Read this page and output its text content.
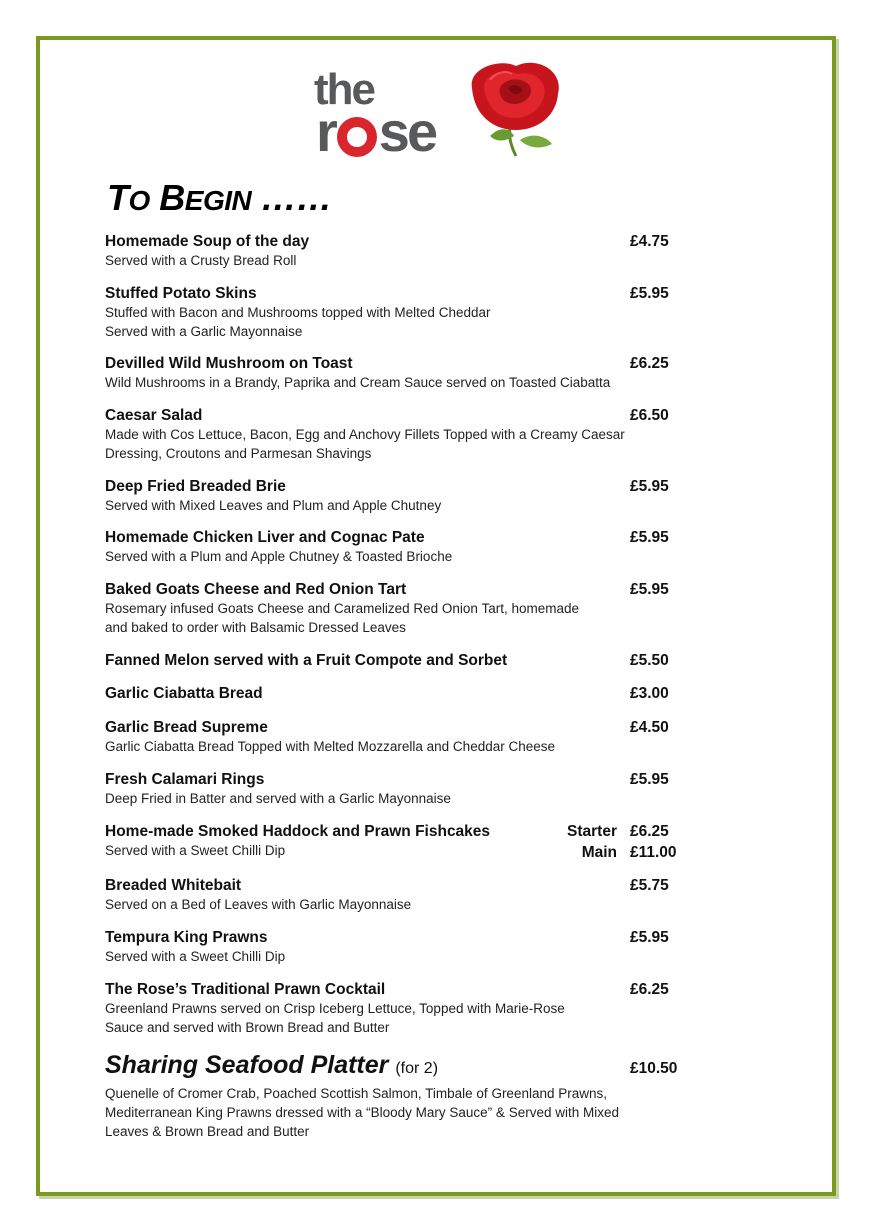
the
r se
TO BEGIN ……
Homemade Soup of the day
Served with a Crusty Bread Roll
£4.75
Stuffed Potato Skins
Stuffed with Bacon and Mushrooms topped with Melted Cheddar
Served with a Garlic Mayonnaise
£5.95
Devilled Wild Mushroom on Toast
Wild Mushrooms in a Brandy, Paprika and Cream Sauce served on Toasted Ciabatta
£6.25
Caesar Salad
Made with Cos Lettuce, Bacon, Egg and Anchovy Fillets Topped with a Creamy Caesar
Dressing, Croutons and Parmesan Shavings
£6.50
Deep Fried Breaded Brie
Served with Mixed Leaves and Plum and Apple Chutney
£5.95
Homemade Chicken Liver and Cognac Pate
Served with a Plum and Apple Chutney & Toasted Brioche
£5.95
Baked Goats Cheese and Red Onion Tart
Rosemary infused Goats Cheese and Caramelized Red Onion Tart, homemade
and baked to order with Balsamic Dressed Leaves
£5.95
Fanned Melon served with a Fruit Compote and Sorbet	£5.50
Garlic Ciabatta Bread	£3.00
Garlic Bread Supreme
Garlic Ciabatta Bread Topped with Melted Mozzarella and Cheddar Cheese
£4.50
Fresh Calamari Rings
Deep Fried in Batter and served with a Garlic Mayonnaise
£5.95
Home-made Smoked Haddock and Prawn Fishcakes
Served with a Sweet Chilli Dip
Starter £6.25
Main £11.00
Breaded Whitebait
Served on a Bed of Leaves with Garlic Mayonnaise
£5.75
Tempura King Prawns
Served with a Sweet Chilli Dip
£5.95
The Rose’s Traditional Prawn Cocktail
Greenland Prawns served on Crisp Iceberg Lettuce, Topped with Marie-Rose
Sauce and served with Brown Bread and Butter
£6.25
Sharing Seafood Platter (for 2)
Quenelle of Cromer Crab, Poached Scottish Salmon, Timbale of Greenland Prawns,
Mediterranean King Prawns dressed with a “Bloody Mary Sauce” & Served with Mixed
Leaves & Brown Bread and Butter
£10.50
